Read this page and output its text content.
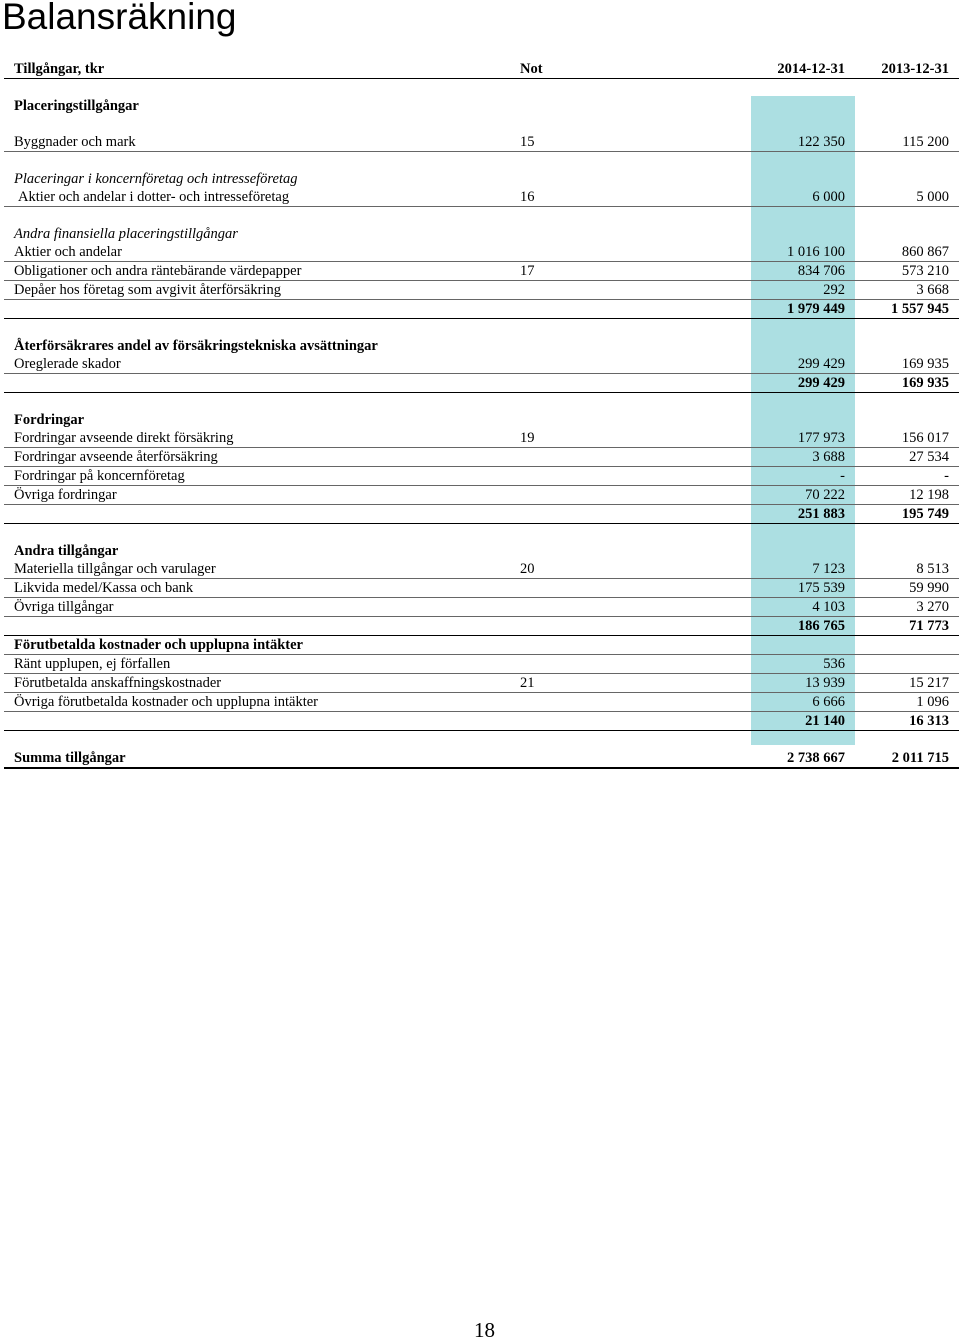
Balansräkning
Tillgångar, tkr	Not	2014-12-31	2013-12-31

Placeringstillgångar			

Byggnader och mark	15	122 350	115 200

Placeringar i koncernföretag och intresseföretag			
Aktier och andelar i dotter- och intresseföretag	16	6 000	5 000

Andra finansiella placeringstillgångar			
Aktier och andelar		1 016 100	860 867
Obligationer och andra räntebärande värdepapper	17	834 706	573 210
Depåer hos företag som avgivit återförsäkring		292	3 668
		1 979 449	1 557 945

Återförsäkrares andel av försäkringstekniska avsättningar			
Oreglerade skador		299 429	169 935
		299 429	169 935

Fordringar			
Fordringar avseende direkt försäkring	19	177 973	156 017
Fordringar avseende återförsäkring		3 688	27 534
Fordringar på koncernföretag		-	-
Övriga fordringar		70 222	12 198
		251 883	195 749

Andra tillgångar			
Materiella tillgångar och varulager	20	7 123	8 513
Likvida medel/Kassa och bank		175 539	59 990
Övriga tillgångar		4 103	3 270
		186 765	71 773
Förutbetalda kostnader och upplupna intäkter			
Ränt upplupen, ej förfallen		536	
Förutbetalda anskaffningskostnader	21	13 939	15 217
Övriga förutbetalda kostnader och upplupna intäkter		6 666	1 096
		21 140	16 313

Summa tillgångar		2 738 667	2 011 715
18
